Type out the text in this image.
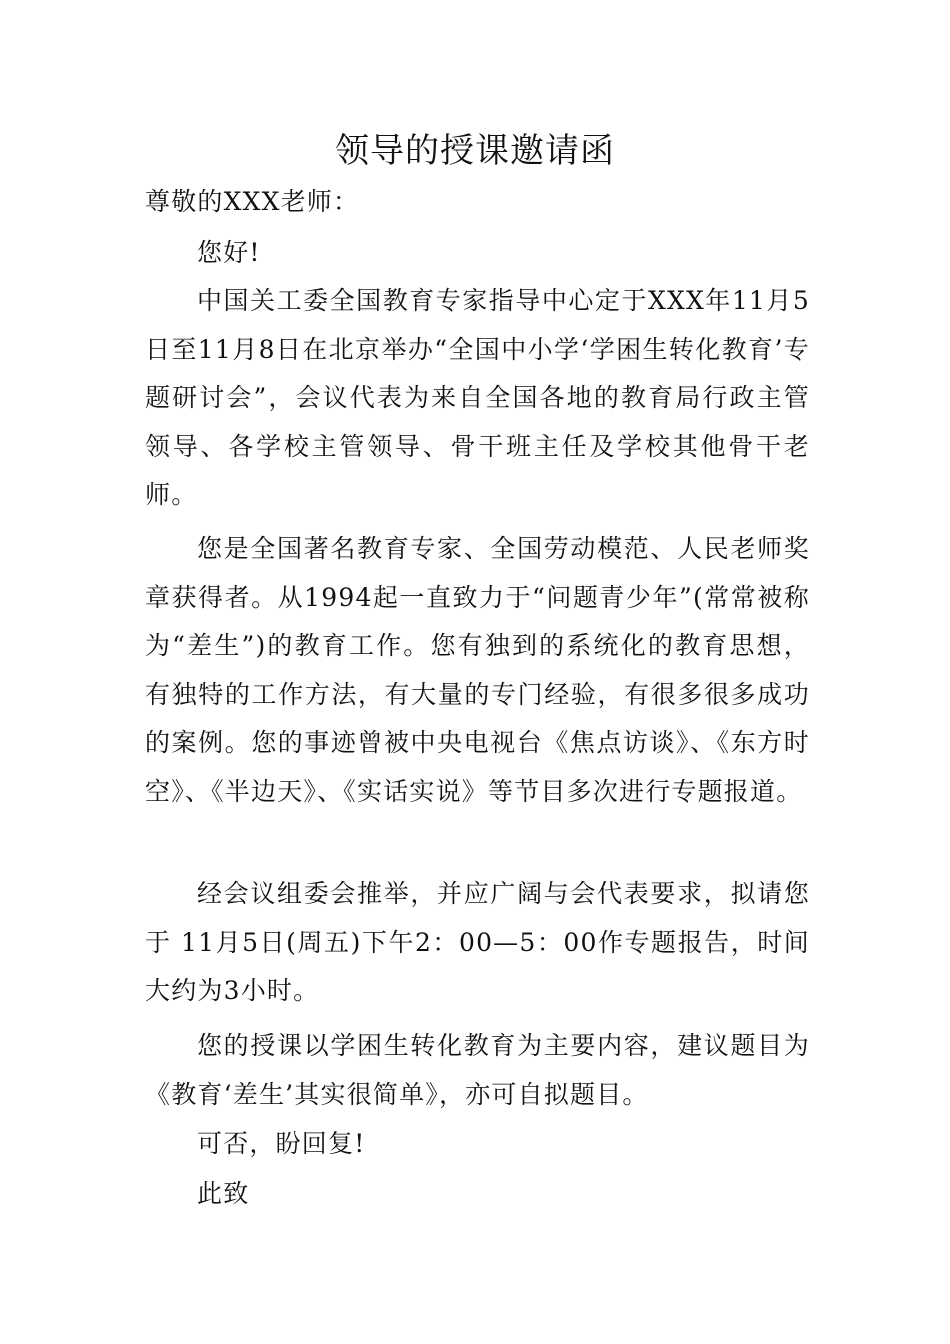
领导的授课邀请函
尊敬的XXX老师：
您好!
中国关工委全国教育专家指导中心定于XXX年11月5日至11月8日在北京举办“全国中小学‘学困生转化教育’专题研讨会”，会议代表为来自全国各地的教育局行政主管领导、各学校主管领导、骨干班主任及学校其他骨干老师。
您是全国著名教育专家、全国劳动模范、人民老师奖章获得者。从1994起一直致力于“问题青少年”(常常被称为“差生”)的教育工作。您有独到的系统化的教育思想，有独特的工作方法，有大量的专门经验，有很多很多成功的案例。您的事迹曾被中央电视台《焦点访谈》、《东方时空》、《半边天》、《实话实说》等节目多次进行专题报道。
经会议组委会推举，并应广阔与会代表要求，拟请您于 11月5日(周五)下午2：00—5：00作专题报告，时间大约为3小时。
您的授课以学困生转化教育为主要内容，建议题目为《教育‘差生’其实很简单》，亦可自拟题目。
可否，盼回复!
此致
